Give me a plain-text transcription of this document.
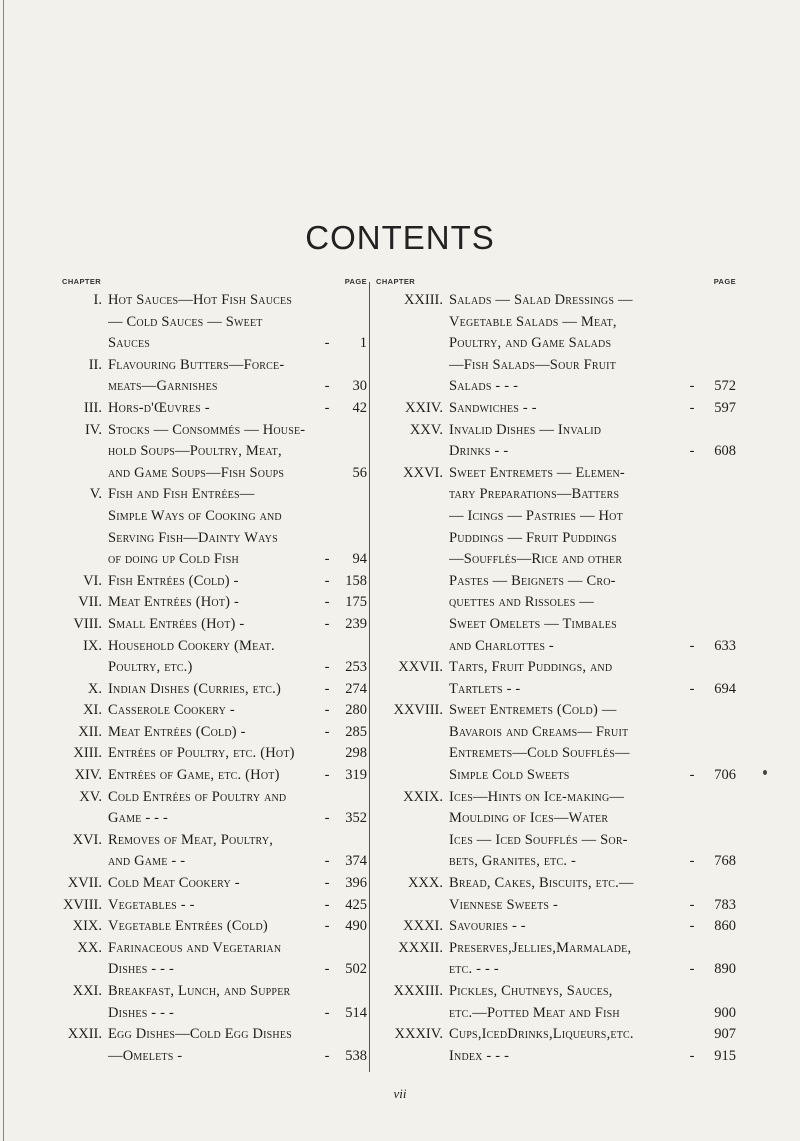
CONTENTS
CHAPTER	PAGE
I. Hot Sauces—Hot Fish Sauces
— Cold Sauces — Sweet
Sauces	-	1
II. Flavouring Butters—Force-
meats—Garnishes	-	30
III. Hors-d'Œuvres -	-	42
IV. Stocks — Consommés — House-
hold Soups—Poultry, Meat,
and Game Soups—Fish Soups	56
V. Fish and Fish Entrées—
Simple Ways of Cooking and
Serving Fish—Dainty Ways
of doing up Cold Fish	-	94
VI. Fish Entrées (Cold) -	-	158
VII. Meat Entrées (Hot) -	-	175
VIII. Small Entrées (Hot) -	-	239
IX. Household Cookery (Meat.
Poultry, etc.)	-	253
X. Indian Dishes (Curries, etc.)	-	274
XI. Casserole Cookery -	-	280
XII. Meat Entrées (Cold) -	-	285
XIII. Entrées of Poultry, etc. (Hot)	298
XIV. Entrées of Game, etc. (Hot)	-	319
XV. Cold Entrées of Poultry and
Game - - -	-	352
XVI. Removes of Meat, Poultry,
and Game - -	-	374
XVII. Cold Meat Cookery -	-	396
XVIII. Vegetables - -	-	425
XIX. Vegetable Entrées (Cold)	-	490
XX. Farinaceous and Vegetarian
Dishes - - -	-	502
XXI. Breakfast, Lunch, and Supper
Dishes - - -	-	514
XXII. Egg Dishes—Cold Egg Dishes
—Omelets -	-	538
CHAPTER	PAGE
XXIII. Salads — Salad Dressings —
Vegetable Salads — Meat,
Poultry, and Game Salads
—Fish Salads—Sour Fruit
Salads - - -	-	572
XXIV. Sandwiches - -	-	597
XXV. Invalid Dishes — Invalid
Drinks - -	-	608
XXVI. Sweet Entremets — Elemen-
tary Preparations—Batters
— Icings — Pastries — Hot
Puddings — Fruit Puddings
—Soufflés—Rice and other
Pastes — Beignets — Cro-
quettes and Rissoles —
Sweet Omelets — Timbales
and Charlottes -	-	633
XXVII. Tarts, Fruit Puddings, and
Tartlets - -	-	694
XXVIII. Sweet Entremets (Cold) —
Bavarois and Creams— Fruit
Entremets—Cold Soufflés—
Simple Cold Sweets	-	706
XXIX. Ices—Hints on Ice-making—
Moulding of Ices—Water
Ices — Iced Soufflés — Sor-
bets, Granites, etc. -	-	768
XXX. Bread, Cakes, Biscuits, etc.—
Viennese Sweets -	-	783
XXXI. Savouries - -	-	860
XXXII. Preserves,Jellies,Marmalade,
etc. - - -	-	890
XXXIII. Pickles, Chutneys, Sauces,
etc.—Potted Meat and Fish	900
XXXIV. Cups,IcedDrinks,Liqueurs,etc.	907
Index - - -	-	915
vii
